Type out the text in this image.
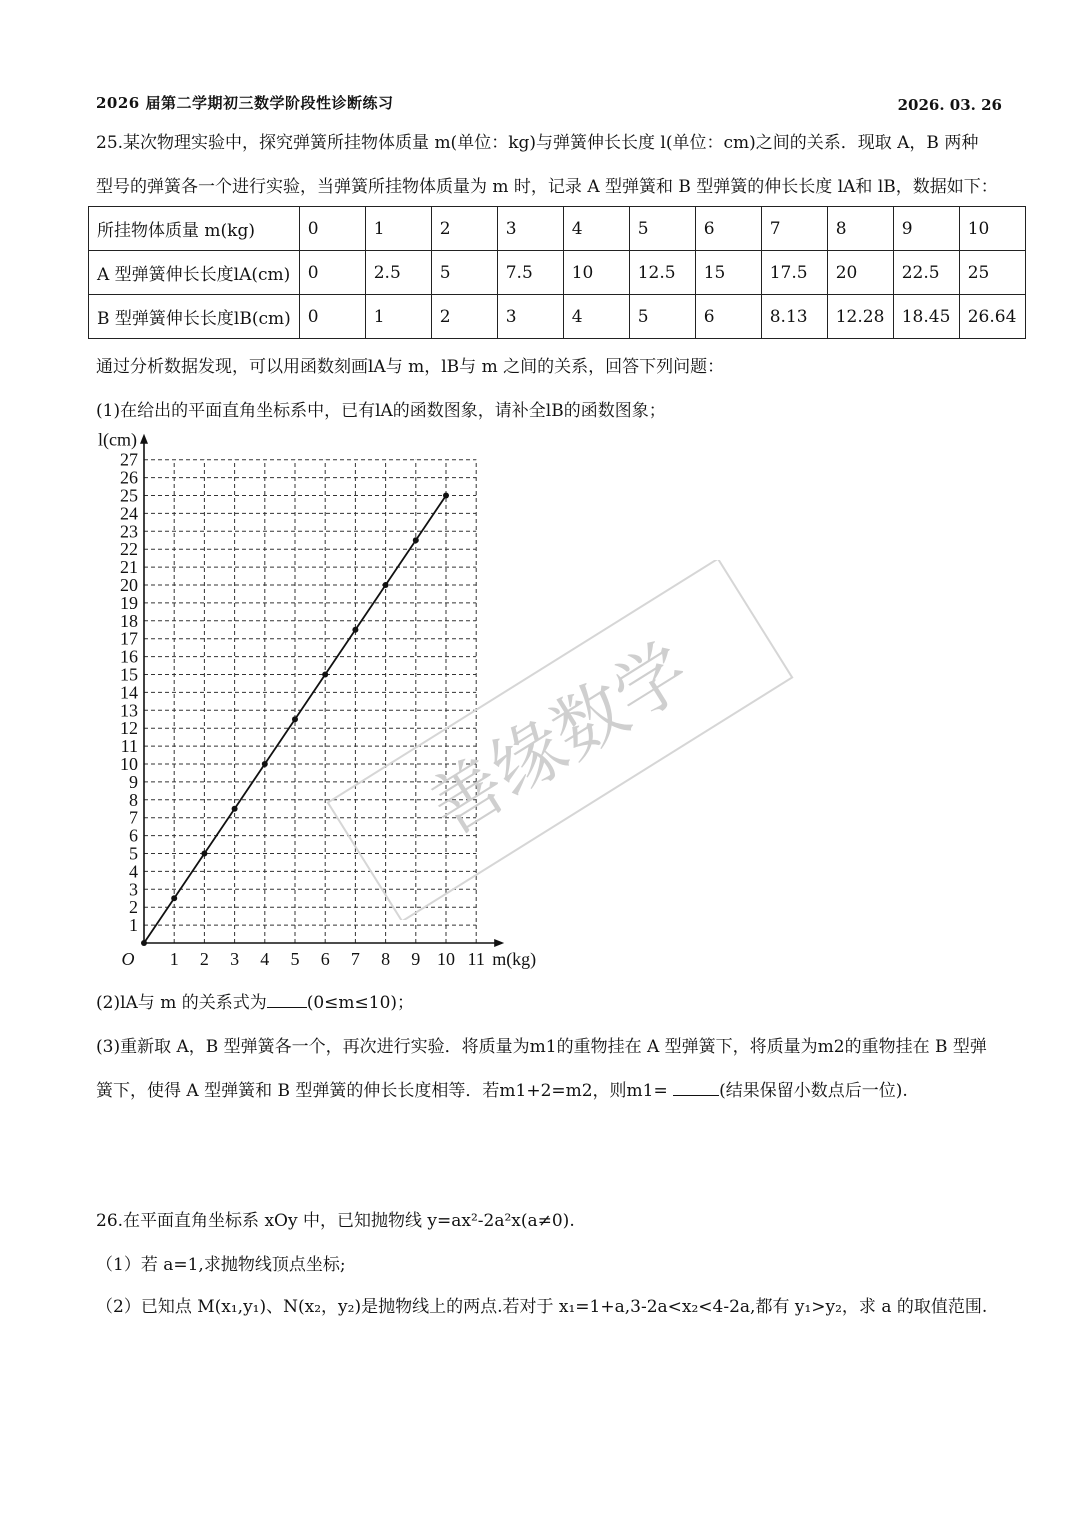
2026 届第二学期初三数学阶段性诊断练习	2026. 03. 26
25.某次物理实验中，探究弹簧所挂物体质量 m(单位：kg)与弹簧伸长长度 l(单位：cm)之间的关系．现取 A，B 两种
型号的弹簧各一个进行实验，当弹簧所挂物体质量为 m 时，记录 A 型弹簧和 B 型弹簧的伸长长度 lA和 lB，数据如下：
所挂物体质量 m(kg)	0	1	2	3	4	5	6	7	8	9	10
A 型弹簧伸长长度lA(cm)	0	2.5	5	7.5	10	12.5	15	17.5	20	22.5	25
B 型弹簧伸长长度lB(cm)	0	1	2	3	4	5	6	8.13	12.28	18.45	26.64
通过分析数据发现，可以用函数刻画lA与 m，lB与 m 之间的关系，回答下列问题：
(1)在给出的平面直角坐标系中，已有lA的函数图象，请补全lB的函数图象；
1 2 3 4 5 6 7 8 9 10 11
1
2
3
4
5
6
7
8
9
10
11
12
13
14
15
16
17
18
19
20
21
22
23
24
25
26
27
O
l(cm)
m(kg)
善缘数学
(2)lA与 m 的关系式为 (0≤m≤10)；
(3)重新取 A，B 型弹簧各一个，再次进行实验．将质量为m1的重物挂在 A 型弹簧下，将质量为m2的重物挂在 B 型弹
簧下，使得 A 型弹簧和 B 型弹簧的伸长长度相等．若m1+2=m2，则m1=	(结果保留小数点后一位).
26.在平面直角坐标系 xOy 中，已知抛物线 y=ax²-2a²x(a≠0).
（1）若 a=1,求抛物线顶点坐标;
（2）已知点 M(x₁,y₁)、N(x₂，y₂)是抛物线上的两点.若对于 x₁=1+a,3-2a<x₂<4-2a,都有 y₁>y₂，求 a 的取值范围.
